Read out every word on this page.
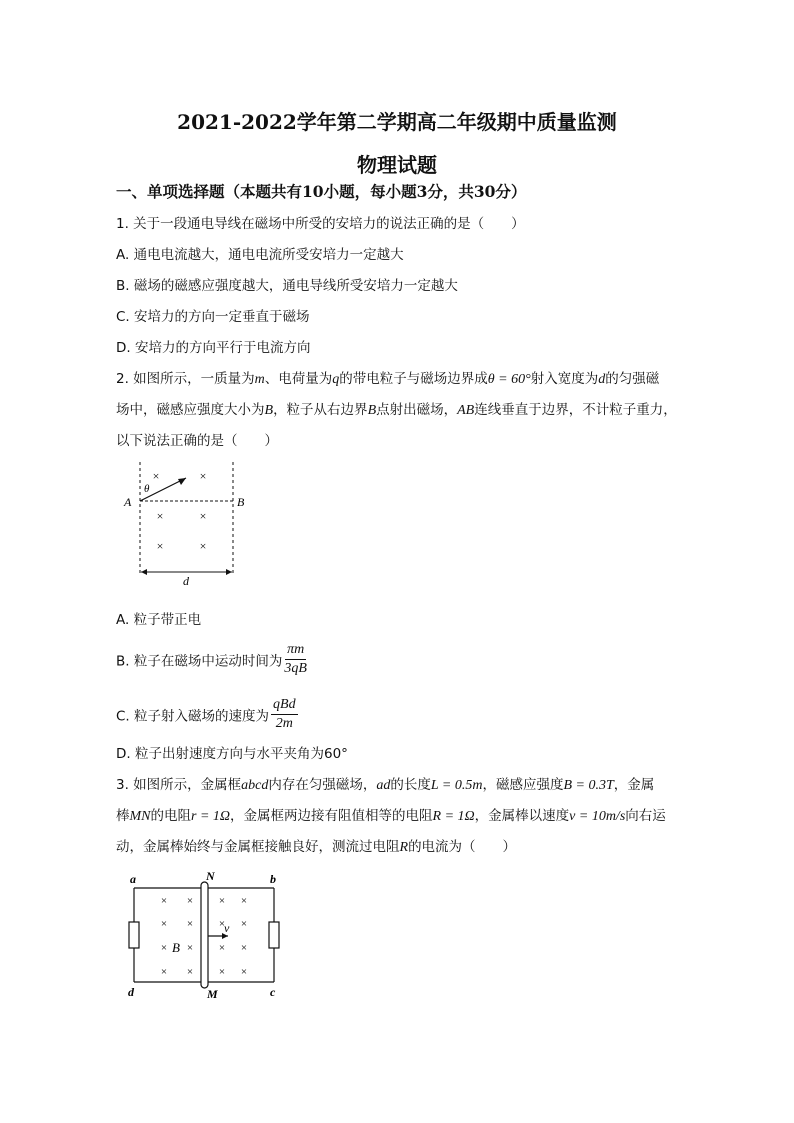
2021-2022学年第二学期高二年级期中质量监测
物理试题
一、单项选择题（本题共有10小题，每小题3分，共30分）
1. 关于一段通电导线在磁场中所受的安培力的说法正确的是（　　）
A. 通电电流越大，通电电流所受安培力一定越大
B. 磁场的磁感应强度越大，通电导线所受安培力一定越大
C. 安培力的方向一定垂直于磁场
D. 安培力的方向平行于电流方向
2. 如图所示，一质量为m、电荷量为q的带电粒子与磁场边界成θ = 60°射入宽度为d的匀强磁
场中，磁感应强度大小为B，粒子从右边界B点射出磁场，AB连线垂直于边界，不计粒子重力，
以下说法正确的是（　　）
×	×
×	×
×	×
θ
A	B
d
A. 粒子带正电
B. 粒子在磁场中运动时间为 $\frac{\pi m}{3qB}$
C. 粒子射入磁场的速度为 $\frac{\text{qBd}}{2m}$
D. 粒子出射速度方向与水平夹角为60°
3. 如图所示，金属框abcd内存在匀强磁场，ad的长度L = 0.5m，磁感应强度B = 0.3T，金属
棒MN的电阻r = 1Ω，金属框两边接有阻值相等的电阻R = 1Ω，金属棒以速度v = 10m/s向右运
动，金属棒始终与金属框接触良好，测流过电阻R的电流为（　　）
v
× × × ×
× × × ×
× × × ×
× × × ×
B
a	b
c
d
N
M
